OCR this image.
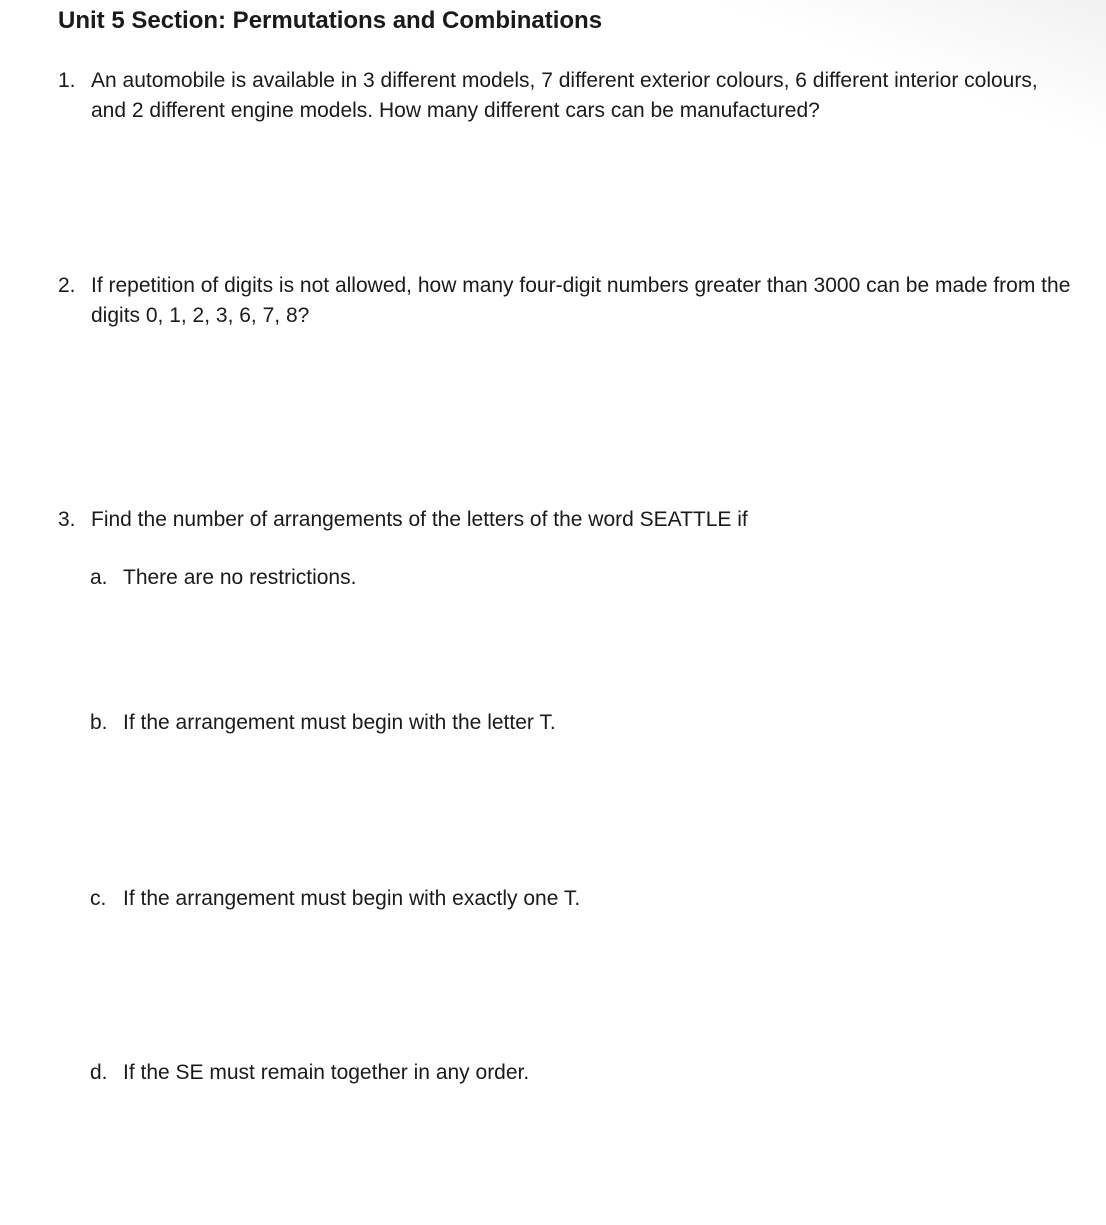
Unit 5 Section: Permutations and Combinations
1. An automobile is available in 3 different models, 7 different exterior colours, 6 different interior colours, and 2 different engine models. How many different cars can be manufactured?
2. If repetition of digits is not allowed, how many four-digit numbers greater than 3000 can be made from the digits 0, 1, 2, 3, 6, 7, 8?
3. Find the number of arrangements of the letters of the word SEATTLE if
a. There are no restrictions.
b. If the arrangement must begin with the letter T.
c. If the arrangement must begin with exactly one T.
d. If the SE must remain together in any order.
